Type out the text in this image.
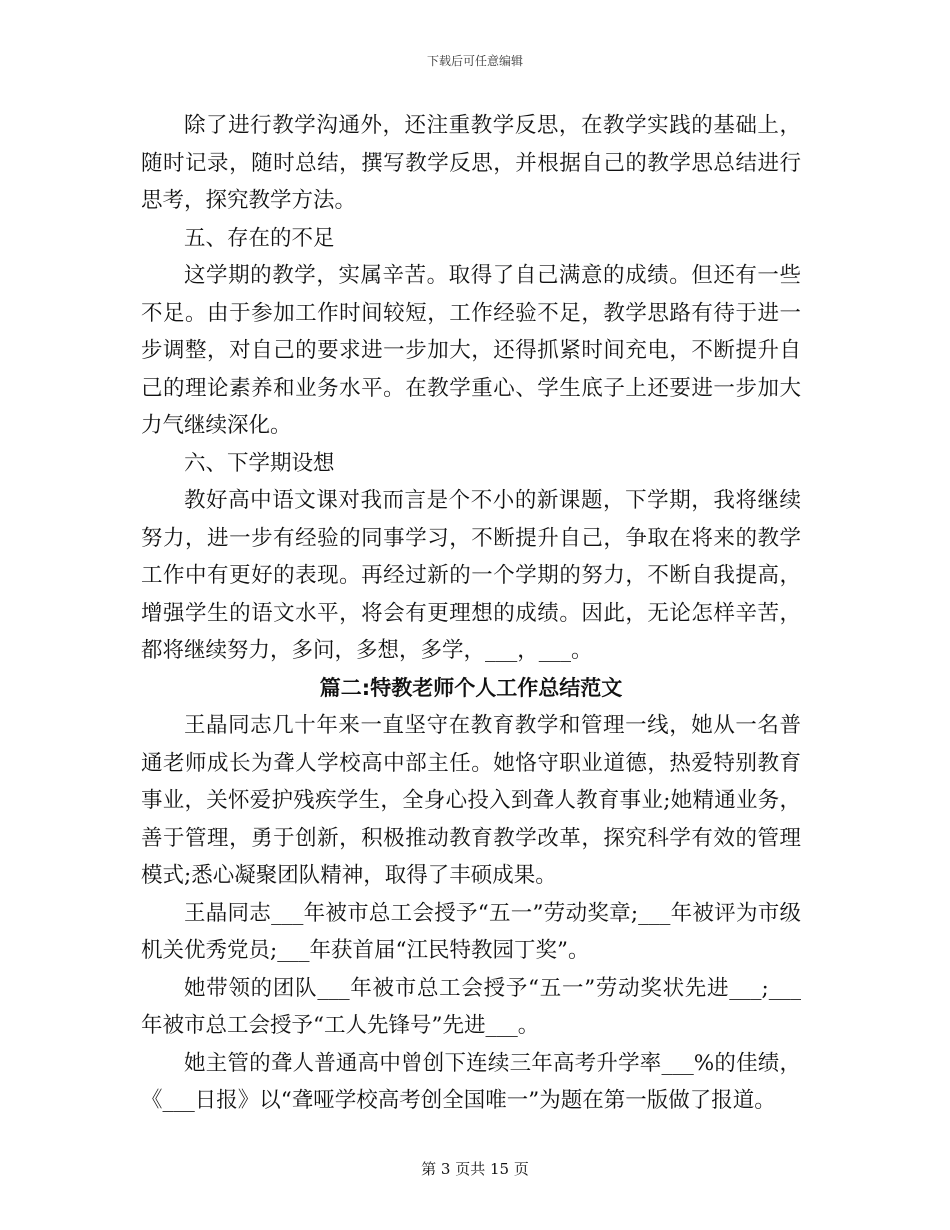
下载后可任意编辑

除了进行教学沟通外，还注重教学反思，在教学实践的基础上，随时记录，随时总结，撰写教学反思，并根据自己的教学思总结进行思考，探究教学方法。

五、存在的不足

这学期的教学，实属辛苦。取得了自己满意的成绩。但还有一些不足。由于参加工作时间较短，工作经验不足，教学思路有待于进一步调整，对自己的要求进一步加大，还得抓紧时间充电，不断提升自己的理论素养和业务水平。在教学重心、学生底子上还要进一步加大力气继续深化。

六、下学期设想

教好高中语文课对我而言是个不小的新课题，下学期，我将继续努力，进一步有经验的同事学习，不断提升自己，争取在将来的教学工作中有更好的表现。再经过新的一个学期的努力，不断自我提高，增强学生的语文水平，将会有更理想的成绩。因此，无论怎样辛苦，都将继续努力，多问，多想，多学，___，___。

篇二:特教老师个人工作总结范文

王晶同志几十年来一直坚守在教育教学和管理一线，她从一名普通老师成长为聋人学校高中部主任。她恪守职业道德，热爱特别教育事业，关怀爱护残疾学生，全身心投入到聋人教育事业;她精通业务，善于管理，勇于创新，积极推动教育教学改革，探究科学有效的管理模式;悉心凝聚团队精神，取得了丰硕成果。

王晶同志___年被市总工会授予“五一”劳动奖章;___年被评为市级机关优秀党员;___年获首届“江民特教园丁奖”。

她带领的团队___年被市总工会授予“五一”劳动奖状先进___;___年被市总工会授予“工人先锋号”先进___。

她主管的聋人普通高中曾创下连续三年高考升学率___%的佳绩，《___日报》以“聋哑学校高考创全国唯一”为题在第一版做了报道。

第 3 页共 15 页
